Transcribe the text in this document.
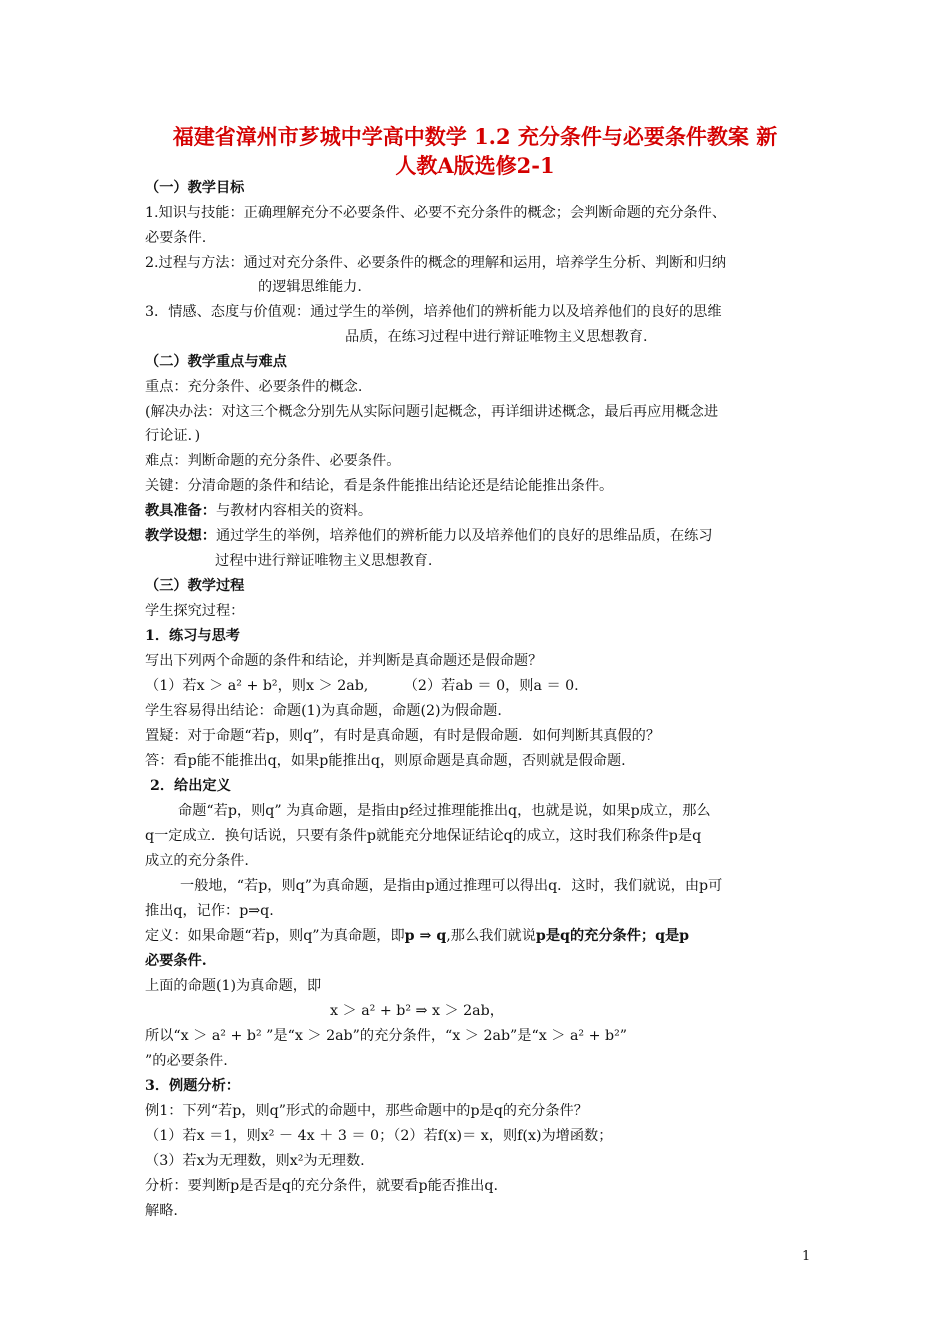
福建省漳州市芗城中学高中数学 1.2 充分条件与必要条件教案 新
人教A版选修2-1
（一）教学目标
1.知识与技能：正确理解充分不必要条件、必要不充分条件的概念；会判断命题的充分条件、
必要条件.
2.过程与方法：通过对充分条件、必要条件的概念的理解和运用，培养学生分析、判断和归纳
的逻辑思维能力.
3．情感、态度与价值观：通过学生的举例，培养他们的辨析能力以及培养他们的良好的思维
品质，在练习过程中进行辩证唯物主义思想教育.
（二）教学重点与难点
重点：充分条件、必要条件的概念.
(解决办法：对这三个概念分别先从实际问题引起概念，再详细讲述概念，最后再应用概念进
行论证．)
难点：判断命题的充分条件、必要条件。
关键：分清命题的条件和结论，看是条件能推出结论还是结论能推出条件。
教具准备：与教材内容相关的资料。
教学设想：通过学生的举例，培养他们的辨析能力以及培养他们的良好的思维品质，在练习
过程中进行辩证唯物主义思想教育.
（三）教学过程
学生探究过程：
1．练习与思考
写出下列两个命题的条件和结论，并判断是真命题还是假命题？
（1）若x ＞ a² + b²，则x ＞ 2ab,　　　（2）若ab ＝ 0，则a ＝ 0.
学生容易得出结论：命题(1)为真命题，命题(2)为假命题.
置疑：对于命题“若p，则q”，有时是真命题，有时是假命题．如何判断其真假的？
答：看p能不能推出q，如果p能推出q，则原命题是真命题，否则就是假命题.
2．给出定义
命题“若p，则q” 为真命题，是指由p经过推理能推出q，也就是说，如果p成立，那么
q一定成立．换句话说，只要有条件p就能充分地保证结论q的成立，这时我们称条件p是q
成立的充分条件.
一般地，“若p，则q”为真命题，是指由p通过推理可以得出q．这时，我们就说，由p可
推出q，记作：p⇒q.
定义：如果命题“若p，则q”为真命题，即p ⇒ q,那么我们就说p是q的充分条件；q是p
必要条件.
上面的命题(1)为真命题，即
x ＞ a² + b² ⇒ x ＞ 2ab，
所以“x ＞ a² + b² ”是“x ＞ 2ab”的充分条件，“x ＞ 2ab”是“x ＞ a² + b²”
”的必要条件.
3．例题分析：
例1：下列“若p，则q”形式的命题中，那些命题中的p是q的充分条件？
（1）若x ＝1，则x² － 4x ＋ 3 ＝ 0；（2）若f(x)＝ x，则f(x)为增函数；
（3）若x为无理数，则x²为无理数.
分析：要判断p是否是q的充分条件，就要看p能否推出q.
解略.
1
